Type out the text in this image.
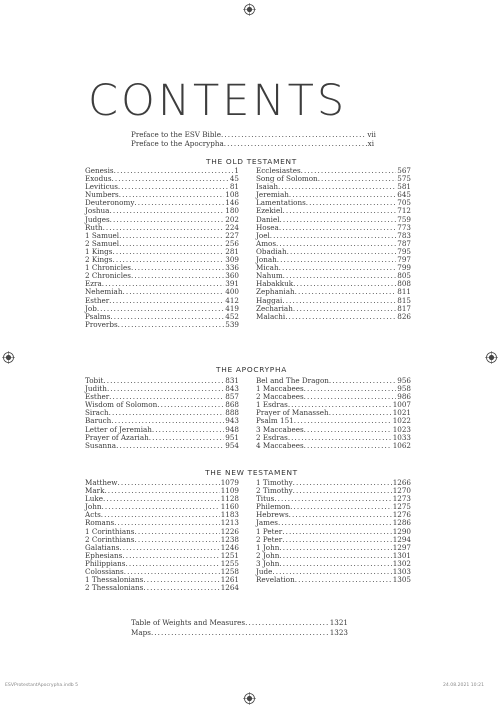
CONTENTS
Preface to the ESV Bible . . .	vii
Preface to the Apocrypha . . .	xi
THE OLD TESTAMENT
Genesis . . .	1
Exodus . . .	45
Leviticus . . .	81
Numbers . . .	108
Deuteronomy . . .	146
Joshua . . .	180
Judges . . .	202
Ruth . . .	224
1 Samuel . . .	227
2 Samuel . . .	256
1 Kings . . .	281
2 Kings . . .	309
1 Chronicles . . .	336
2 Chronicles . . .	360
Ezra . . .	391
Nehemiah . . .	400
Esther . . .	412
Job . . .	419
Psalms . . .	452
Proverbs . . .	539
Ecclesiastes . . .	567
Song of Solomon . . .	575
Isaiah . . .	581
Jeremiah . . .	645
Lamentations . . .	705
Ezekiel . . .	712
Daniel . . .	759
Hosea . . .	773
Joel . . .	783
Amos . . .	787
Obadiah . . .	795
Jonah . . .	797
Micah . . .	799
Nahum . . .	805
Habakkuk . . .	808
Zephaniah . . .	811
Haggai . . .	815
Zechariah . . .	817
Malachi . . .	826
THE APOCRYPHA
Tobit . . .	831
Judith . . .	843
Esther . . .	857
Wisdom of Solomon . . .	868
Sirach . . .	888
Baruch . . .	943
Letter of Jeremiah . . .	948
Prayer of Azariah . . .	951
Susanna . . .	954
Bel and The Dragon . . .	956
1 Maccabees . . .	958
2 Maccabees . . .	986
1 Esdras . . .	1007
Prayer of Manasseh . . .	1021
Psalm 151 . . .	1022
3 Maccabees . . .	1023
2 Esdras . . .	1033
4 Maccabees . . .	1062
THE NEW TESTAMENT
Matthew . . .	1079
Mark . . .	1109
Luke . . .	1128
John . . .	1160
Acts . . .	1183
Romans . . .	1213
1 Corinthians . . .	1226
2 Corinthians . . .	1238
Galatians . . .	1246
Ephesians . . .	1251
Philippians . . .	1255
Colossians . . .	1258
1 Thessalonians . . .	1261
2 Thessalonians . . .	1264
1 Timothy . . .	1266
2 Timothy . . .	1270
Titus . . .	1273
Philemon . . .	1275
Hebrews . . .	1276
James . . .	1286
1 Peter . . .	1290
2 Peter . . .	1294
1 John . . .	1297
2 John . . .	1301
3 John . . .	1302
Jude . . .	1303
Revelation . . .	1305
Table of Weights and Measures . . .	1321
Maps . . .	1323
ESVProtestantApocrypha.indb 5	24.08.2021 10:21
